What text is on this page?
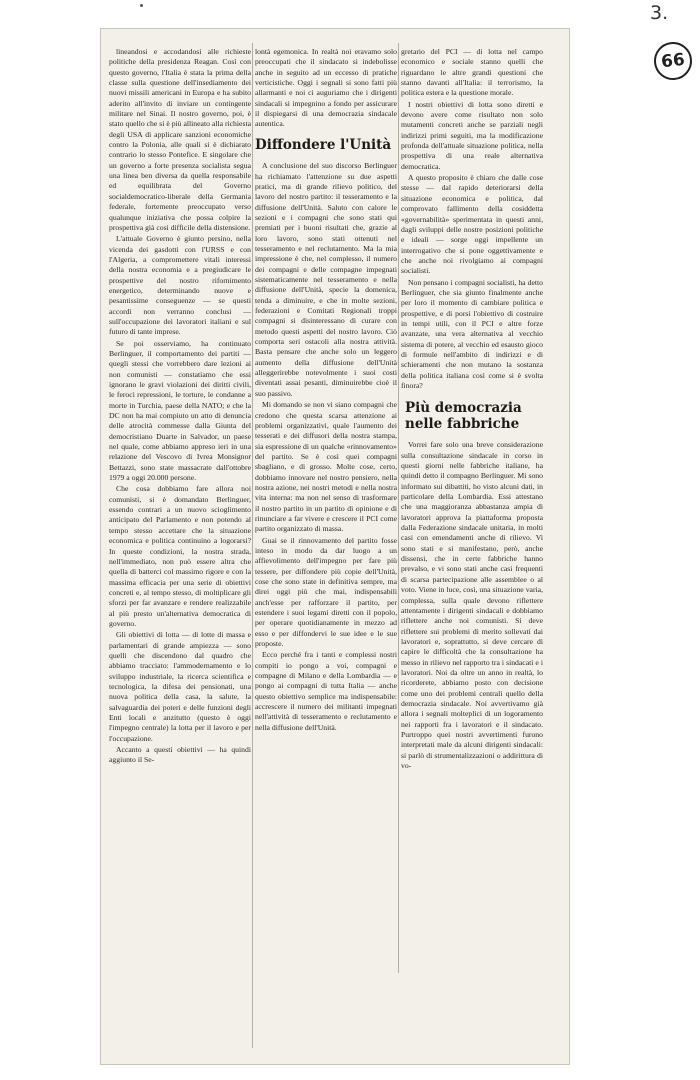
3.
66

lineandosi e accodandosi alle richieste politiche della presidenza Reagan. Così con questo governo, l'Italia è stata la prima della classe sulla questione dell'insediamento dei nuovi missili americani in Europa e ha subito aderito all'invito di inviare un contingente militare nel Sinai. Il nostro governo, poi, è stato quello che si è più allineato alla richiesta degli USA di applicare sanzioni economiche contro la Polonia, alle quali si è dichiarato contrario lo stesso Pontefice. E singolare che un governo a forte presenza socialista segua una linea ben diversa da quella responsabile ed equilibrata del Governo socialdemocratico-liberale della Germania federale, fortemente preoccupato verso qualunque iniziativa che possa colpire la prospettiva già così difficile della distensione.

L'attuale Governo è giunto persino, nella vicenda dei gasdotti con l'URSS e con l'Algeria, a compromettere vitali interessi della nostra economia e a pregiudicare le prospettive del nostro rifornimento energetico, determinando nuove e pesantissime conseguenze — se questi accordi non verranno conclusi — sull'occupazione dei lavoratori italiani e sul futuro di tante imprese.

Se poi osserviamo, ha continuato Berlinguer, il comportamento dei partiti — quegli stessi che vorrebbero dare lezioni ai non comunisti — constatiamo che essi ignorano le gravi violazioni dei diritti civili, le feroci repressioni, le torture, le condanne a morte in Turchia, paese della NATO; e che la DC non ha mai compiuto un atto di denuncia delle atrocità commesse dalla Giunta del democristiano Duarte in Salvador, un paese nel quale, come abbiamo appreso ieri in una relazione del Vescovo di Ivrea Monsignor Bettazzi, sono state massacrate dall'ottobre 1979 a oggi 20.000 persone.

Che cosa dobbiamo fare allora noi comunisti, si è domandato Berlinguer, essendo contrari a un nuovo scioglimento anticipato del Parlamento e non potendo al tempo stesso accettare che la situazione economica e politica continuino a logorarsi? In queste condizioni, la nostra strada, nell'immediato, non può essere altra che quella di batterci col massimo rigore e con la massima efficacia per una serie di obiettivi concreti e, al tempo stesso, di moltiplicare gli sforzi per far avanzare e rendere realizzabile al più presto un'alternativa democratica di governo.

Gli obiettivi di lotta — di lotte di massa e parlamentari di grande ampiezza — sono quelli che discendono dal quadro che abbiamo tracciato: l'ammodernamento e lo sviluppo industriale, la ricerca scientifica e tecnologica, la difesa dei pensionati, una nuova politica della casa, la salute, la salvaguardia dei poteri e delle funzioni degli Enti locali e anzitutto (questo è oggi l'impegno centrale) la lotta per il lavoro e per l'occupazione.

Accanto a questi obiettivi — ha quindi aggiunto il Se-

lontà egemonica. In realtà noi eravamo solo preoccupati che il sindacato si indebolisse anche in seguito ad un eccesso di pratiche verticistiche. Oggi i segnali si sono fatti più allarmanti e noi ci auguriamo che i dirigenti sindacali si impegnino a fondo per assicurare il dispiegarsi di una democrazia sindacale autentica.

Diffondere l'Unità

A conclusione del suo discorso Berlinguer ha richiamato l'attenzione su due aspetti pratici, ma di grande rilievo politico, del lavoro del nostro partito: il tesseramento e la diffusione dell'Unità. Saluto con calore le sezioni e i compagni che sono stati qui premiati per i buoni risultati che, grazie al loro lavoro, sono stati ottenuti nel tesseramento e nel reclutamento. Ma la mia impressione è che, nel complesso, il numero dei compagni e delle compagne impegnati sistematicamente nel tesseramento e nella diffusione dell'Unità, specie la domenica, tenda a diminuire, e che in molte sezioni, federazioni e Comitati Regionali troppi compagni si disinteressano di curare con metodo questi aspetti del nostro lavoro. Ciò comporta seri ostacoli alla nostra attività. Basta pensare che anche solo un leggero aumento della diffusione dell'Unità alleggerirebbe notevolmente i suoi costi diventati assai pesanti, diminuirebbe cioè il suo passivo.

Mi domando se non vi siano compagni che credono che questa scarsa attenzione ai problemi organizzativi, quale l'aumento dei tesserati e dei diffusori della nostra stampa, sia espressione di un qualche «rinnovamento» del partito. Se è così quei compagni sbagliano, e di grosso. Molte cose, certo, dobbiamo innovare nel nostro pensiero, nella nostra azione, nei nostri metodi e nella nostra vita interna: ma non nel senso di trasformare il nostro partito in un partito di opinione e di rinunciare a far vivere e crescere il PCI come partito organizzato di massa.

Guai se il rinnovamento del partito fosse inteso in modo da dar luogo a un affievolimento dell'impegno per fare più tessere, per diffondere più copie dell'Unità, cose che sono state in definitiva sempre, ma direi oggi più che mai, indispensabili anch'esse per rafforzare il partito, per estendere i suoi legami diretti con il popolo, per operare quotidianamente in mezzo ad esso e per diffondervi le sue idee e le sue proposte.

Ecco perché fra i tanti e complessi nostri compiti io pongo a voi, compagni e compagne di Milano e della Lombardia — e pongo ai compagni di tutta Italia — anche questo obiettivo semplice ma indispensabile: accrescere il numero dei militanti impegnati nell'attività di tesseramento e reclutamento e nella diffusione dell'Unità.

gretario del PCI — di lotta nel campo economico e sociale stanno quelli che riguardano le altre grandi questioni che stanno davanti all'Italia: il terrorismo, la politica estera e la questione morale.

I nostri obiettivi di lotta sono diretti e devono avere come risultato non solo mutamenti concreti anche se parziali negli indirizzi primi seguiti, ma la modificazione profonda dell'attuale situazione politica, nella prospettiva di una reale alternativa democratica.

A questo proposito è chiaro che dalle cose stesse — dal rapido deteriorarsi della situazione economica e politica, dal comprovato fallimento della cosiddetta «governabilità» sperimentata in questi anni, dagli sviluppi delle nostre posizioni politiche e ideali — sorge oggi impellente un interrogativo che si pone oggettivamente e che anche noi rivolgiamo ai compagni socialisti.

Non pensano i compagni socialisti, ha detto Berlinguer, che sia giunto finalmente anche per loro il momento di cambiare politica e prospettive, e di porsi l'obiettivo di costruire in tempi utili, con il PCI e altre forze avanzate, una vera alternativa al vecchio sistema di potere, al vecchio ed esausto gioco di formule nell'ambito di indirizzi e di schieramenti che non mutano la sostanza della politica italiana così come si è svolta finora?

Più democrazia nelle fabbriche

Vorrei fare solo una breve considerazione sulla consultazione sindacale in corso in questi giorni nelle fabbriche italiane, ha quindi detto il compagno Berlinguer. Mi sono informato sui dibattiti, ho visto alcuni dati, in particolare della Lombardia. Essi attestano che una maggioranza abbastanza ampia di lavoratori approva la piattaforma proposta dalla Federazione sindacale unitaria, in molti casi con emendamenti anche di rilievo. Vi sono stati e si manifestano, però, anche dissensi, che in certe fabbriche hanno prevalso, e vi sono stati anche casi frequenti di scarsa partecipazione alle assemblee o al voto. Viene in luce, così, una situazione varia, complessa, sulla quale devono riflettere attentamente i dirigenti sindacali e dobbiamo riflettere anche noi comunisti. Si deve riflettere sui problemi di merito sollevati dai lavoratori e, soprattutto, si deve cercare di capire le difficoltà che la consultazione ha messo in rilievo nel rapporto tra i sindacati e i lavoratori. Noi da oltre un anno in realtà, lo ricorderete, abbiamo posto con decisione come uno dei problemi centrali quello della democrazia sindacale. Noi avvertivamo già allora i segnali molteplici di un logoramento nei rapporti fra i lavoratori e il sindacato. Purtroppo quei nostri avvertimenti furono interpretati male da alcuni dirigenti sindacali: si parlò di strumentalizzazioni o addirittura di vo-
